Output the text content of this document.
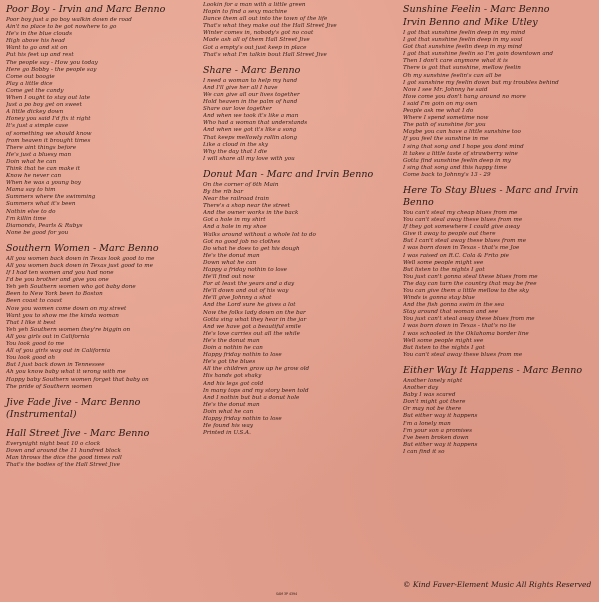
Poor Boy - Irvin and Marc Benno
Poor boy just a po boy walkin down de road
Ain't no place to be got nowhere to go
He's in the blue clouds
High above his head
Want to go and sit on
Put his feet up and rest
The people say - How you today
Here go Bobby - the people say
Come out boogie
Play a little dice
Come get the candy
When I ought to stay out late
Just a po boy get on sweet
A little dickey down
Honey you said I'd fix it right
It's just a simple case
of something we should know
from heaven it brought times
There aint things before
He's just a bluesy man
Doin what he can
Think that he can make it
Know he never can
When he was a young boy
Mama say to him
Summers where the swimming
Summers what it's been
Nothin else to do
I'm killin time
Diamonds, Pearls & Rubys
None be good for you
Southern Women - Marc Benno
All you women back down in Texas look good to me
All you women back down in Texas just good to me
If I had ten women and you had none
I'd be you brother and give you one
Yeh yeh Southern women who got baby done
Been to New York been to Boston
Been coast to coast
Now you women come down on my street
Want you to show me the kinda woman
That I like it best
Yeh yeh Southern women they're biggin on
All you girls out in California
You look good to me
All of you girls way out in California
You look good oh
But I just back down in Tennessee
Ah you know baby what it wrong with me
Happy baby Southern women forget that baby on
The pride of Southern women
Jive Fade Jive - Marc Benno (Instrumental)
Hall Street Jive - Marc Benno
Everynight night beat 10 o clock
Down and around the 11 hundred block
Man throws the dice the good times roll
That's the bodies of the Hall Street Jive
Lookin for a man with a little green
Hopin to find a sexy machine
Dance them all out into the town of the life
That's what they make out the Hall Street Jive
Winter comes in, nobody's got no coat
Made ash all of them Hall Street Jive
Got a empty's out just keep in place
That's what I'm talkin bout Hall Street Jive
Share - Marc Benno
I need a woman to help my hand
And I'll give her all I have
We can give all our lives together
Hold heaven in the palm of hand
Share our love together
And when we took it's like a man
Who had a woman that understands
And when we got it's like a song
That keeps mellowly rollin along
Like a cloud in the sky
Why the day that I die
I will share all my love with you
Donut Man - Marc and Irvin Benno
On the corner of 6th Main
By the rib bar
Near the railroad train
There's a shop near the street
And the owner works in the back
Got a hole in my shirt
And a hole in my shoe
Walks around without a whole lot to do
Got no good job no clothes
Do what he does to get his dough
He's the donut man
Down what he can
Happy a friday nothin to lose
He'll find out now
For at least the years and a day
He'll down and out of his way
He'll give Johnny a shot
And the Lord sure he gives a lot
Now the folks lady down on the bar
Gotta sing what they hear in the jar
And we have got a beautiful smile
He's love carries out all the while
He's the donut man
Doin a nothin he can
Happy friday nothin to lose
He's got the blues
All the children grow up he grow old
His hands got shaky
And his legs got cold
In many tops and my story been told
And I nothin but but a donut hole
He's the donut man
Doin what he can
Happy friday nothin to lose
He found his way
Printed in U.S.A.
Sunshine Feelin - Marc Benno
Irvin Benno and Mike Utley
I got that sunshine feelin deep in my mind
I got that sunshine feelin deep in my soul
Got that sunshine feelin deep in my mind
I got that sunshine feelin so I'm goin downtown and
Then I don't care anymore what it is
There is got that sunshine, mellow feelin
Oh my sunshine feelin's can all be
I got sunshine my feelin down but my troubles behind
Now I see Mr. Johnny he said
How come you don't hang around no more
I said I'm goin on my own
People ask me what I do
Where I spend sometime now
The path of sunshine for you
Maybe you can have a little sunshine too
If you feel the sunshine in me
I sing that song and I hope you dont mind
It takes a little taste of strawberry wine
Gotta find sunshine feelin deep in my
I sing that song and this happy time
Come back to Johnny's 13 - 29
Here To Stay Blues - Marc and Irvin Benno
You can't steal my cheap blues from me
You can't steal away these blues from me
If they got somewhere I could give away
Give it away to people out there
But I can't steal away these blues from me
I was born down in Texas - that's me Joe
I was raised on R.C. Cola & Frito pie
Well some people might see
But listen to the nights I got
You just can't gonna steal these blues from me
The day can turn the country that may be free
You can give them a little mellow to the sky
Winds is gonna stay blue
And the fish gonna swim in the sea
Stay around that woman and see
You just can't steal away these blues from me
I was born down in Texas - that's no lie
I was schooled in the Oklahoma border line
Well some people might see
But listen to the nights I got
You can't steal away these blues from me
Either Way It Happens - Marc Benno
Another lonely night
Another day
Baby I was scared
Don't might got there
Or may not be there
But either way it happens
I'm a lonely man
I'm your son a promises
I've been broken down
But either way it happens
I can find it so
© Kind Faver-Element Music All Rights Reserved
SAM 3P 4394
